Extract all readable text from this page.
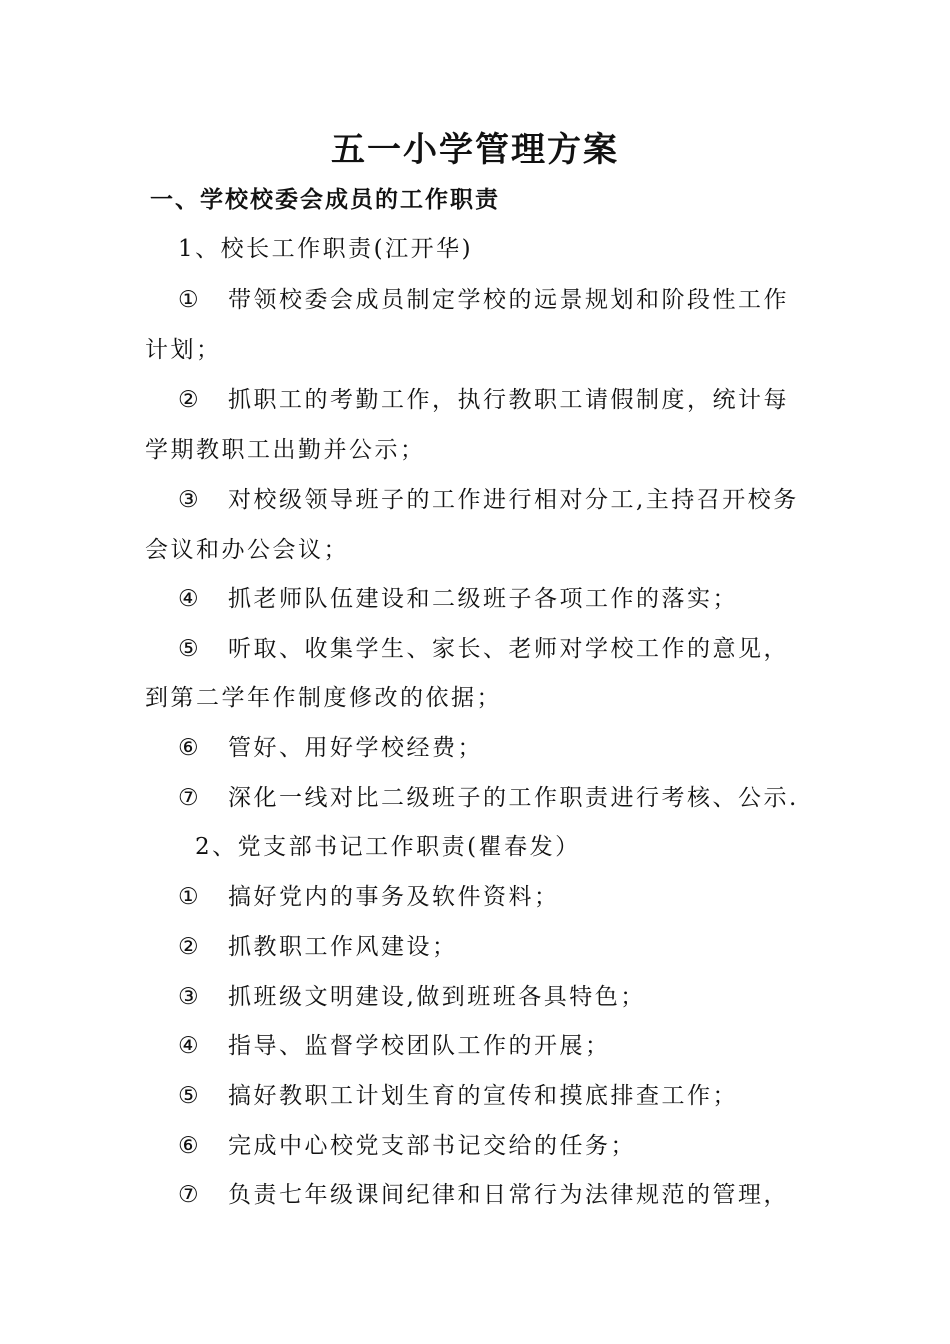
五一小学管理方案
一、学校校委会成员的工作职责
1、校长工作职责(江开华)
① 带领校委会成员制定学校的远景规划和阶段性工作
计划；
② 抓职工的考勤工作，执行教职工请假制度，统计每
学期教职工出勤并公示；
③ 对校级领导班子的工作进行相对分工,主持召开校务
会议和办公会议；
④ 抓老师队伍建设和二级班子各项工作的落实；
⑤ 听取、收集学生、家长、老师对学校工作的意见，
到第二学年作制度修改的依据；
⑥ 管好、用好学校经费；
⑦ 深化一线对比二级班子的工作职责进行考核、公示.
2、党支部书记工作职责(瞿春发）
① 搞好党内的事务及软件资料；
② 抓教职工作风建设；
③ 抓班级文明建设,做到班班各具特色；
④ 指导、监督学校团队工作的开展；
⑤ 搞好教职工计划生育的宣传和摸底排查工作；
⑥ 完成中心校党支部书记交给的任务；
⑦ 负责七年级课间纪律和日常行为法律规范的管理，
